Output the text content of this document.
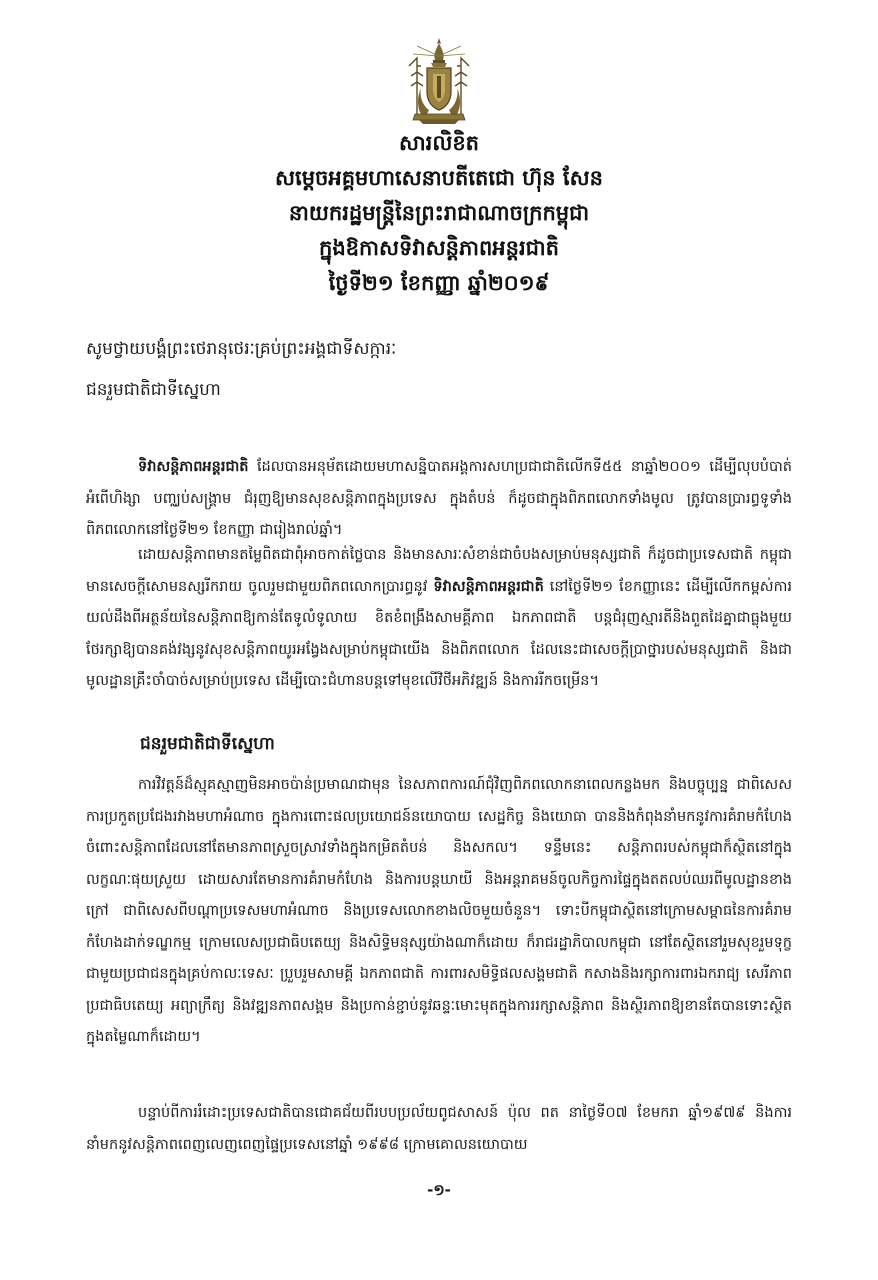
សារលិខិត
សម្ដេចអគ្គមហាសេនាបតីតេជោ ហ៊ុន សែន
នាយករដ្ឋមន្ត្រីនៃព្រះរាជាណាចក្រកម្ពុជា
ក្នុងឱកាសទិវាសន្តិភាពអន្តរជាតិ
ថ្ងៃទី២១ ខែកញ្ញា ឆ្នាំ២០១៩
សូមថ្វាយបង្គំព្រះថេរានុថេរៈគ្រប់ព្រះអង្គជាទីសក្ការៈ
ជនរួមជាតិជាទីស្នេហា

ទិវាសន្តិភាពអន្តរជាតិ ដែលបានអនុម័តដោយមហាសន្និបាតអង្គការសហប្រជាជាតិលើកទី៥៥ នាឆ្នាំ២០០១ ដើម្បីលុបបំបាត់អំពើហិង្សា បញ្ឈប់សង្គ្រាម ជំរុញឱ្យមានសុខសន្តិភាពក្នុងប្រទេស ក្នុងតំបន់ ក៏ដូចជាក្នុងពិភពលោកទាំងមូល ត្រូវបានប្រារព្ធទូទាំងពិភពលោកនៅថ្ងៃទី២១ ខែកញ្ញា ជារៀងរាល់ឆ្នាំ។

ដោយសន្តិភាពមានតម្លៃពិតជាពុំអាចកាត់ថ្លៃបាន និងមានសារៈសំខាន់ជាចំបងសម្រាប់មនុស្សជាតិ ក៏ដូចជាប្រទេសជាតិ កម្ពុជាមានសេចក្តីសោមនស្សរីករាយ ចូលរួមជាមួយពិភពលោកប្រារព្ធនូវ ទិវាសន្តិភាពអន្តរជាតិ នៅថ្ងៃទី២១ ខែកញ្ញានេះ ដើម្បីលើកកម្ពស់ការយល់ដឹងពីអត្ថន័យនៃសន្តិភាពឱ្យកាន់តែទូលំទូលាយ ខិតខំពង្រឹងសាមគ្គីភាព ឯកភាពជាតិ បន្តជំរុញស្មារតីនិងពួតដៃគ្នាជាធ្លុងមួយថែរក្សាឱ្យបានគង់វង្សនូវសុខសន្តិភាពយូរអង្វែងសម្រាប់កម្ពុជាយើង និងពិភពលោក ដែលនេះជាសេចក្តីប្រាថ្នារបស់មនុស្សជាតិ និងជាមូលដ្ឋានគ្រឹះចាំបាច់សម្រាប់ប្រទេស ដើម្បីបោះជំហានបន្តទៅមុខលើវិថីអភិវឌ្ឍន៍ និងការរីកចម្រើន។

ជនរួមជាតិជាទីស្នេហា

ការវិវត្តន៍ដ៏ស្មុគស្មាញមិនអាចប៉ាន់ប្រមាណជាមុន នៃសភាពការណ៍ជុំវិញពិភពលោកនាពេលកន្លងមក និងបច្ចុប្បន្ន ជាពិសេសការប្រកួតប្រជែងរវាងមហាអំណាច ក្នុងការពោះផលប្រយោជន៍នយោបាយ សេដ្ឋកិច្ច និងយោធា បាននិងកំពុងនាំមកនូវការគំរាមកំហែង ចំពោះសន្តិភាពដែលនៅតែមានភាពស្រួចស្រាវទាំងក្នុងកម្រិតតំបន់ និងសកល។ ទន្ទឹមនេះ សន្តិភាពរបស់កម្ពុជាក៏ស្ថិតនៅក្នុងលក្ខណៈផុយស្រួយ ដោយសារតែមានការគំរាមកំហែង និងការបន្តឃាយី និងអន្តរាគមន៍ចូលកិច្ចការផ្ទៃក្នុងតតលប់ឈរពីមូលដ្ឋានខាងក្រៅ ជាពិសេសពីបណ្តាប្រទេសមហាអំណាច និងប្រទេសលោកខាងលិចមួយចំនួន។ ទោះបីកម្ពុជាស្ថិតនៅក្រោមសម្ពាធនៃការគំរាមកំហែងដាក់ទណ្ឌកម្ម ក្រោមលេសប្រជាធិបតេយ្យ និងសិទ្ធិមនុស្សយ៉ាងណាក៏ដោយ ក៏រាជរដ្ឋាភិបាលកម្ពុជា នៅតែស្ថិតនៅរួមសុខរួមទុក្ខជាមួយប្រជាជនក្នុងគ្រប់កាលៈទេសៈ ប្រួបរួមសាមគ្គី ឯកភាពជាតិ ការពារសមិទ្ធិផលសង្គមជាតិ កសាងនិងរក្សាការពារឯករាជ្យ សេរីភាពប្រជាធិបតេយ្យ អព្យាក្រឹត្យ និងវឌ្ឍនភាពសង្គម និងប្រកាន់ខ្ជាប់នូវឆន្ទៈមោះមុតក្នុងការរក្សាសន្តិភាព និងស្ថិរភាពឱ្យខានតែបានទោះស្ថិតក្នុងតម្លៃណាក៏ដោយ។

បន្ទាប់ពីការរំដោះប្រទេសជាតិបានជោគជ័យពីរបបប្រល័យពូជសាសន៍ ប៉ុល ពត នាថ្ងៃទី០៧ ខែមករា ឆ្នាំ១៩៧៩ និងការនាំមកនូវសន្តិភាពពេញលេញពេញផ្ទៃប្រទេសនៅឆ្នាំ ១៩៩៨ ក្រោមគោលនយោបាយ

-១-
